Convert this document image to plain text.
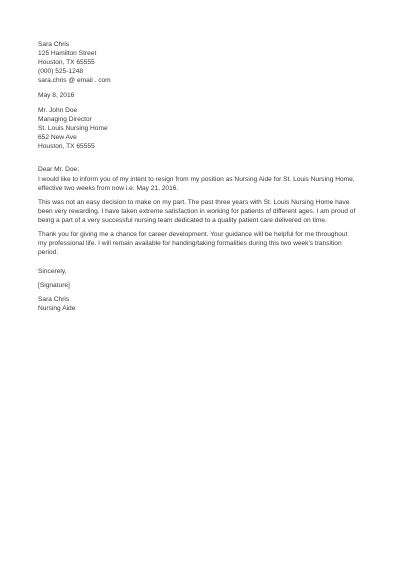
Sara Chris
125 Hamilton Street
Houston, TX 65555
(000) 525-1248
sara.chris @ email . com
May 8, 2016
Mr. John Doe
Managing Director
St. Louis Nursing Home
652 New Ave
Houston, TX 65555
Dear Mr. Doe:
I would like to inform you of my intent to resign from my position as Nursing Aide for St. Louis Nursing Home,
effective two weeks from now i.e. May 21, 2016.
This was not an easy decision to make on my part. The past three years with St. Louis Nursing Home have
been very rewarding. I have taken extreme satisfaction in working for patients of different ages. I am proud of
being a part of a very successful nursing team dedicated to a quality patient care delivered on time.
Thank you for giving me a chance for career development. Your guidance will be helpful for me throughout
my professional life. I will remain available for handing/taking formalities during this two week's transition
period.
Sincerely,
[Signature]
Sara Chris
Nursing Aide
